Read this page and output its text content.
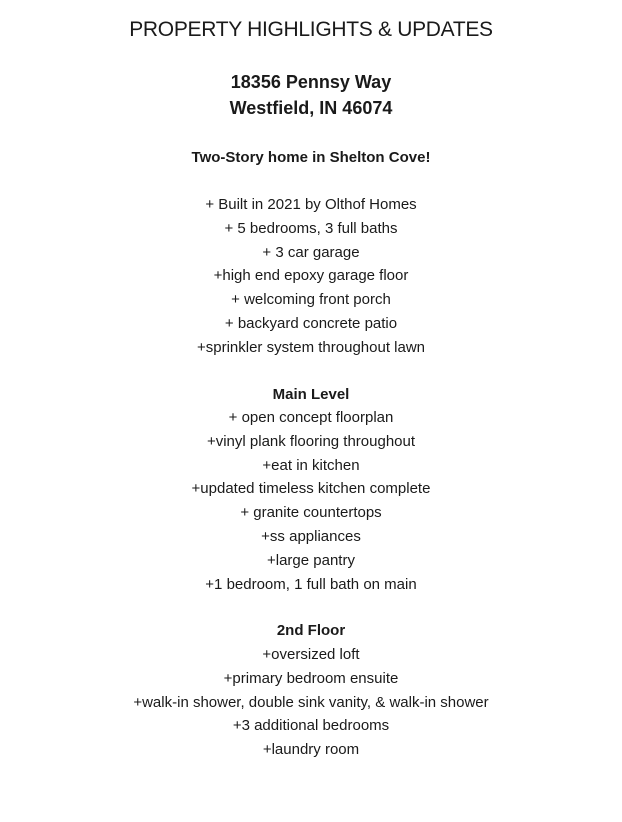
PROPERTY HIGHLIGHTS & UPDATES
18356 Pennsy Way
Westfield, IN 46074
Two-Story home in Shelton Cove!
+ Built in 2021 by Olthof Homes
+ 5 bedrooms, 3 full baths
+ 3 car garage
+high end epoxy garage floor
+ welcoming front porch
+ backyard concrete patio
+sprinkler system throughout lawn
Main Level
+ open concept floorplan
+vinyl plank flooring throughout
+eat in kitchen
+updated timeless kitchen complete
+ granite countertops
+ss appliances
+large pantry
+1 bedroom, 1 full bath on main
2nd Floor
+oversized loft
+primary bedroom ensuite
+walk-in shower, double sink vanity, & walk-in shower
+3 additional bedrooms
+laundry room
